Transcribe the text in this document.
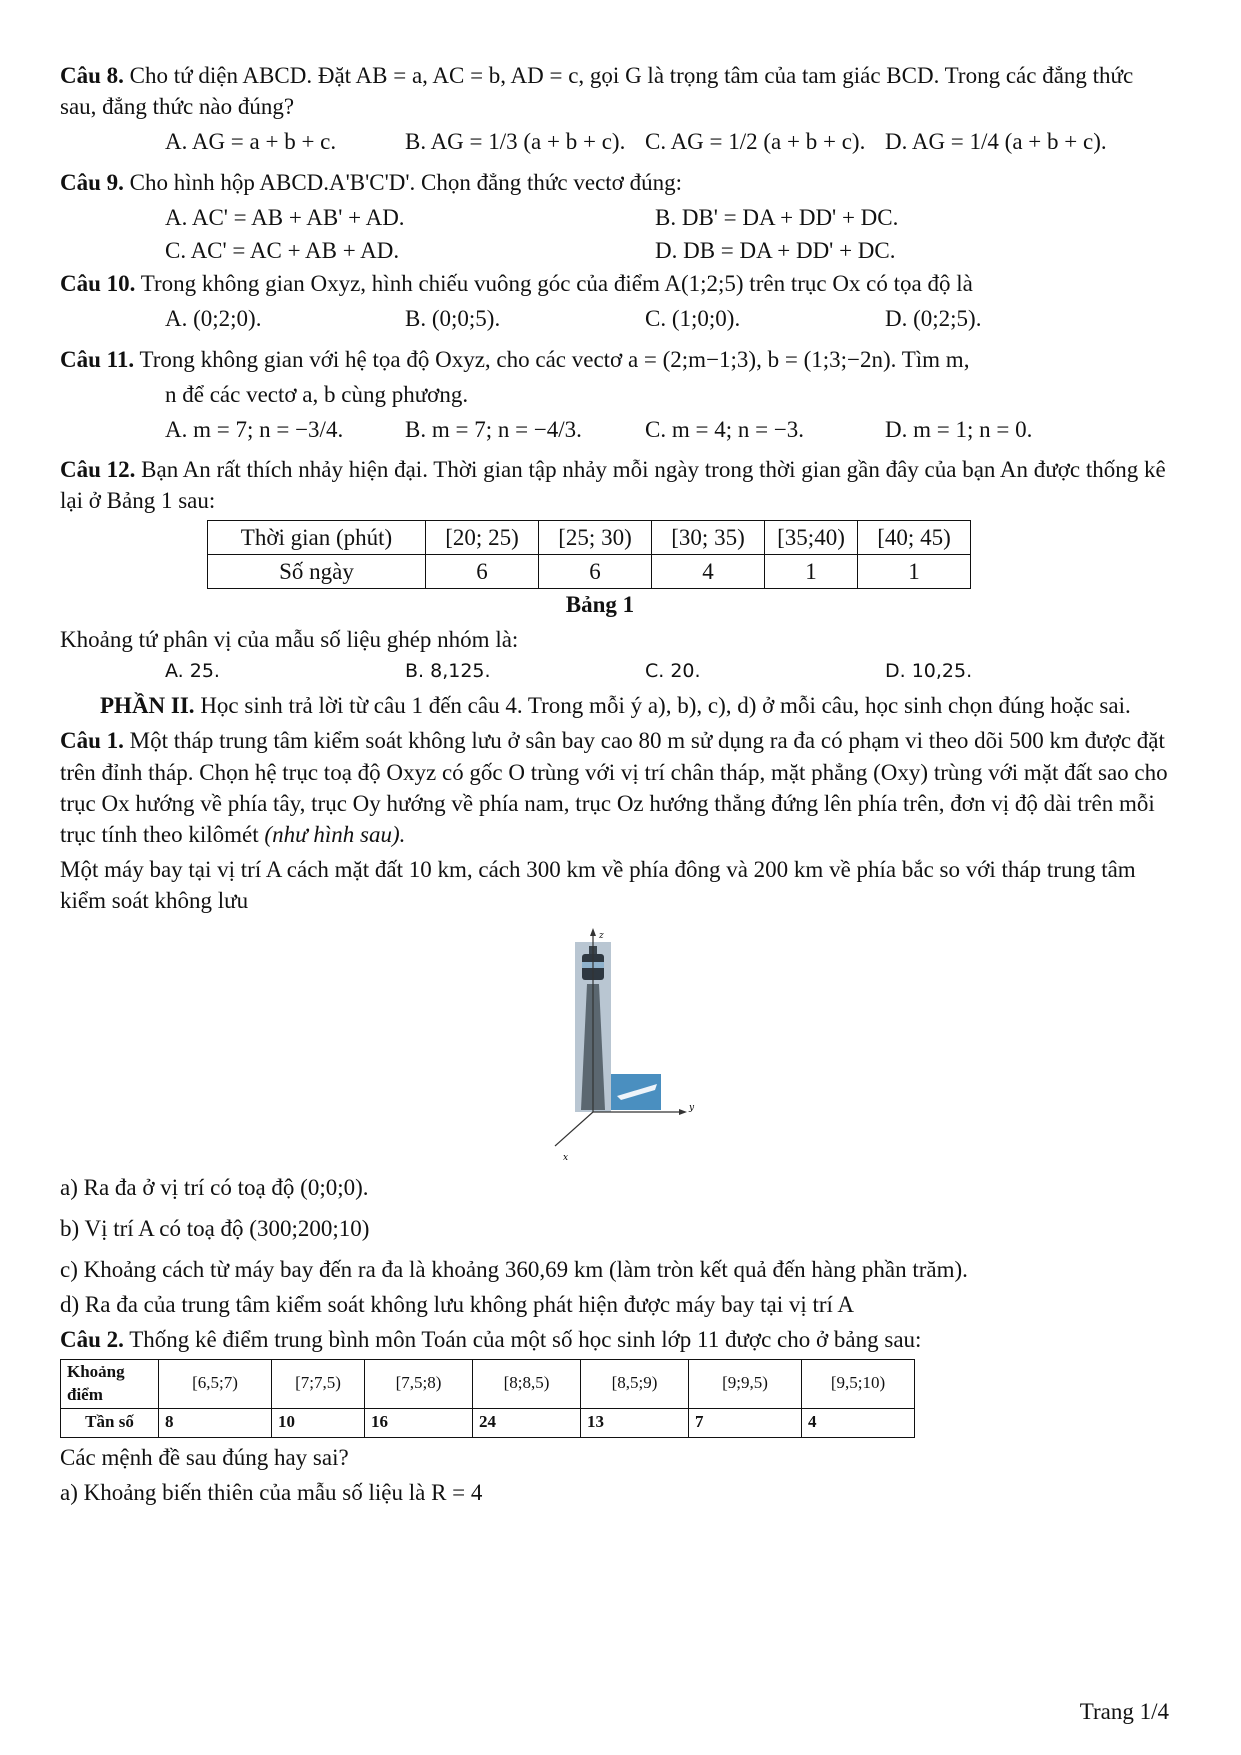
Câu 8. Cho tứ diện ABCD. Đặt AB = a, AC = b, AD = c, gọi G là trọng tâm của tam giác BCD. Trong các đẳng thức sau, đẳng thức nào đúng?

A. AG = a + b + c.	B. AG = 1/3 (a + b + c). C. AG = 1/2 (a + b + c). D. AG = 1/4 (a + b + c).

Câu 9. Cho hình hộp ABCD.A'B'C'D'. Chọn đẳng thức vectơ đúng:

A. AC' = AB + AB' + AD.	B. DB' = DA + DD' + DC.
C. AC' = AC + AB + AD.	D. DB = DA + DD' + DC.

Câu 10. Trong không gian Oxyz, hình chiếu vuông góc của điểm A(1;2;5) trên trục Ox có tọa độ là

A. (0;2;0).	B. (0;0;5).	C. (1;0;0).	D. (0;2;5).

Câu 11. Trong không gian với hệ tọa độ Oxyz, cho các vectơ a = (2;m−1;3), b = (1;3;−2n). Tìm m,

n để các vectơ a, b cùng phương.

A. m = 7; n = −3/4.	B. m = 7; n = −4/3.	C. m = 4; n = −3.	D. m = 1; n = 0.

Câu 12. Bạn An rất thích nhảy hiện đại. Thời gian tập nhảy mỗi ngày trong thời gian gần đây của bạn An được thống kê lại ở Bảng 1 sau:

Thời gian (phút)	[20; 25)	[25; 30)	[30; 35)	[35;40)	[40; 45)
Số ngày	6	6	4	1	1

Bảng 1

Khoảng tứ phân vị của mẫu số liệu ghép nhóm là:

A. 25.	B. 8,125.	C. 20.	D. 10,25.

PHẦN II. Học sinh trả lời từ câu 1 đến câu 4. Trong mỗi ý a), b), c), d) ở mỗi câu, học sinh chọn đúng hoặc sai.

Câu 1. Một tháp trung tâm kiểm soát không lưu ở sân bay cao 80 m sử dụng ra đa có phạm vi theo dõi 500 km được đặt trên đỉnh tháp. Chọn hệ trục toạ độ Oxyz có gốc O trùng với vị trí chân tháp, mặt phẳng (Oxy) trùng với mặt đất sao cho trục Ox hướng về phía tây, trục Oy hướng về phía nam, trục Oz hướng thẳng đứng lên phía trên, đơn vị độ dài trên mỗi trục tính theo kilômét (như hình sau).

Một máy bay tại vị trí A cách mặt đất 10 km, cách 300 km về phía đông và 200 km về phía bắc so với tháp trung tâm kiểm soát không lưu

z
y
x

a) Ra đa ở vị trí có toạ độ (0;0;0).

b) Vị trí A có toạ độ (300;200;10)

c) Khoảng cách từ máy bay đến ra đa là khoảng 360,69 km (làm tròn kết quả đến hàng phần trăm).

d) Ra đa của trung tâm kiểm soát không lưu không phát hiện được máy bay tại vị trí A

Câu 2. Thống kê điểm trung bình môn Toán của một số học sinh lớp 11 được cho ở bảng sau:

Khoảng điểm	[6,5;7)	[7;7,5)	[7,5;8)	[8;8,5)	[8,5;9)	[9;9,5)	[9,5;10)
Tần số	8	10	16	24	13	7	4

Các mệnh đề sau đúng hay sai?

a) Khoảng biến thiên của mẫu số liệu là R = 4

Trang 1/4
